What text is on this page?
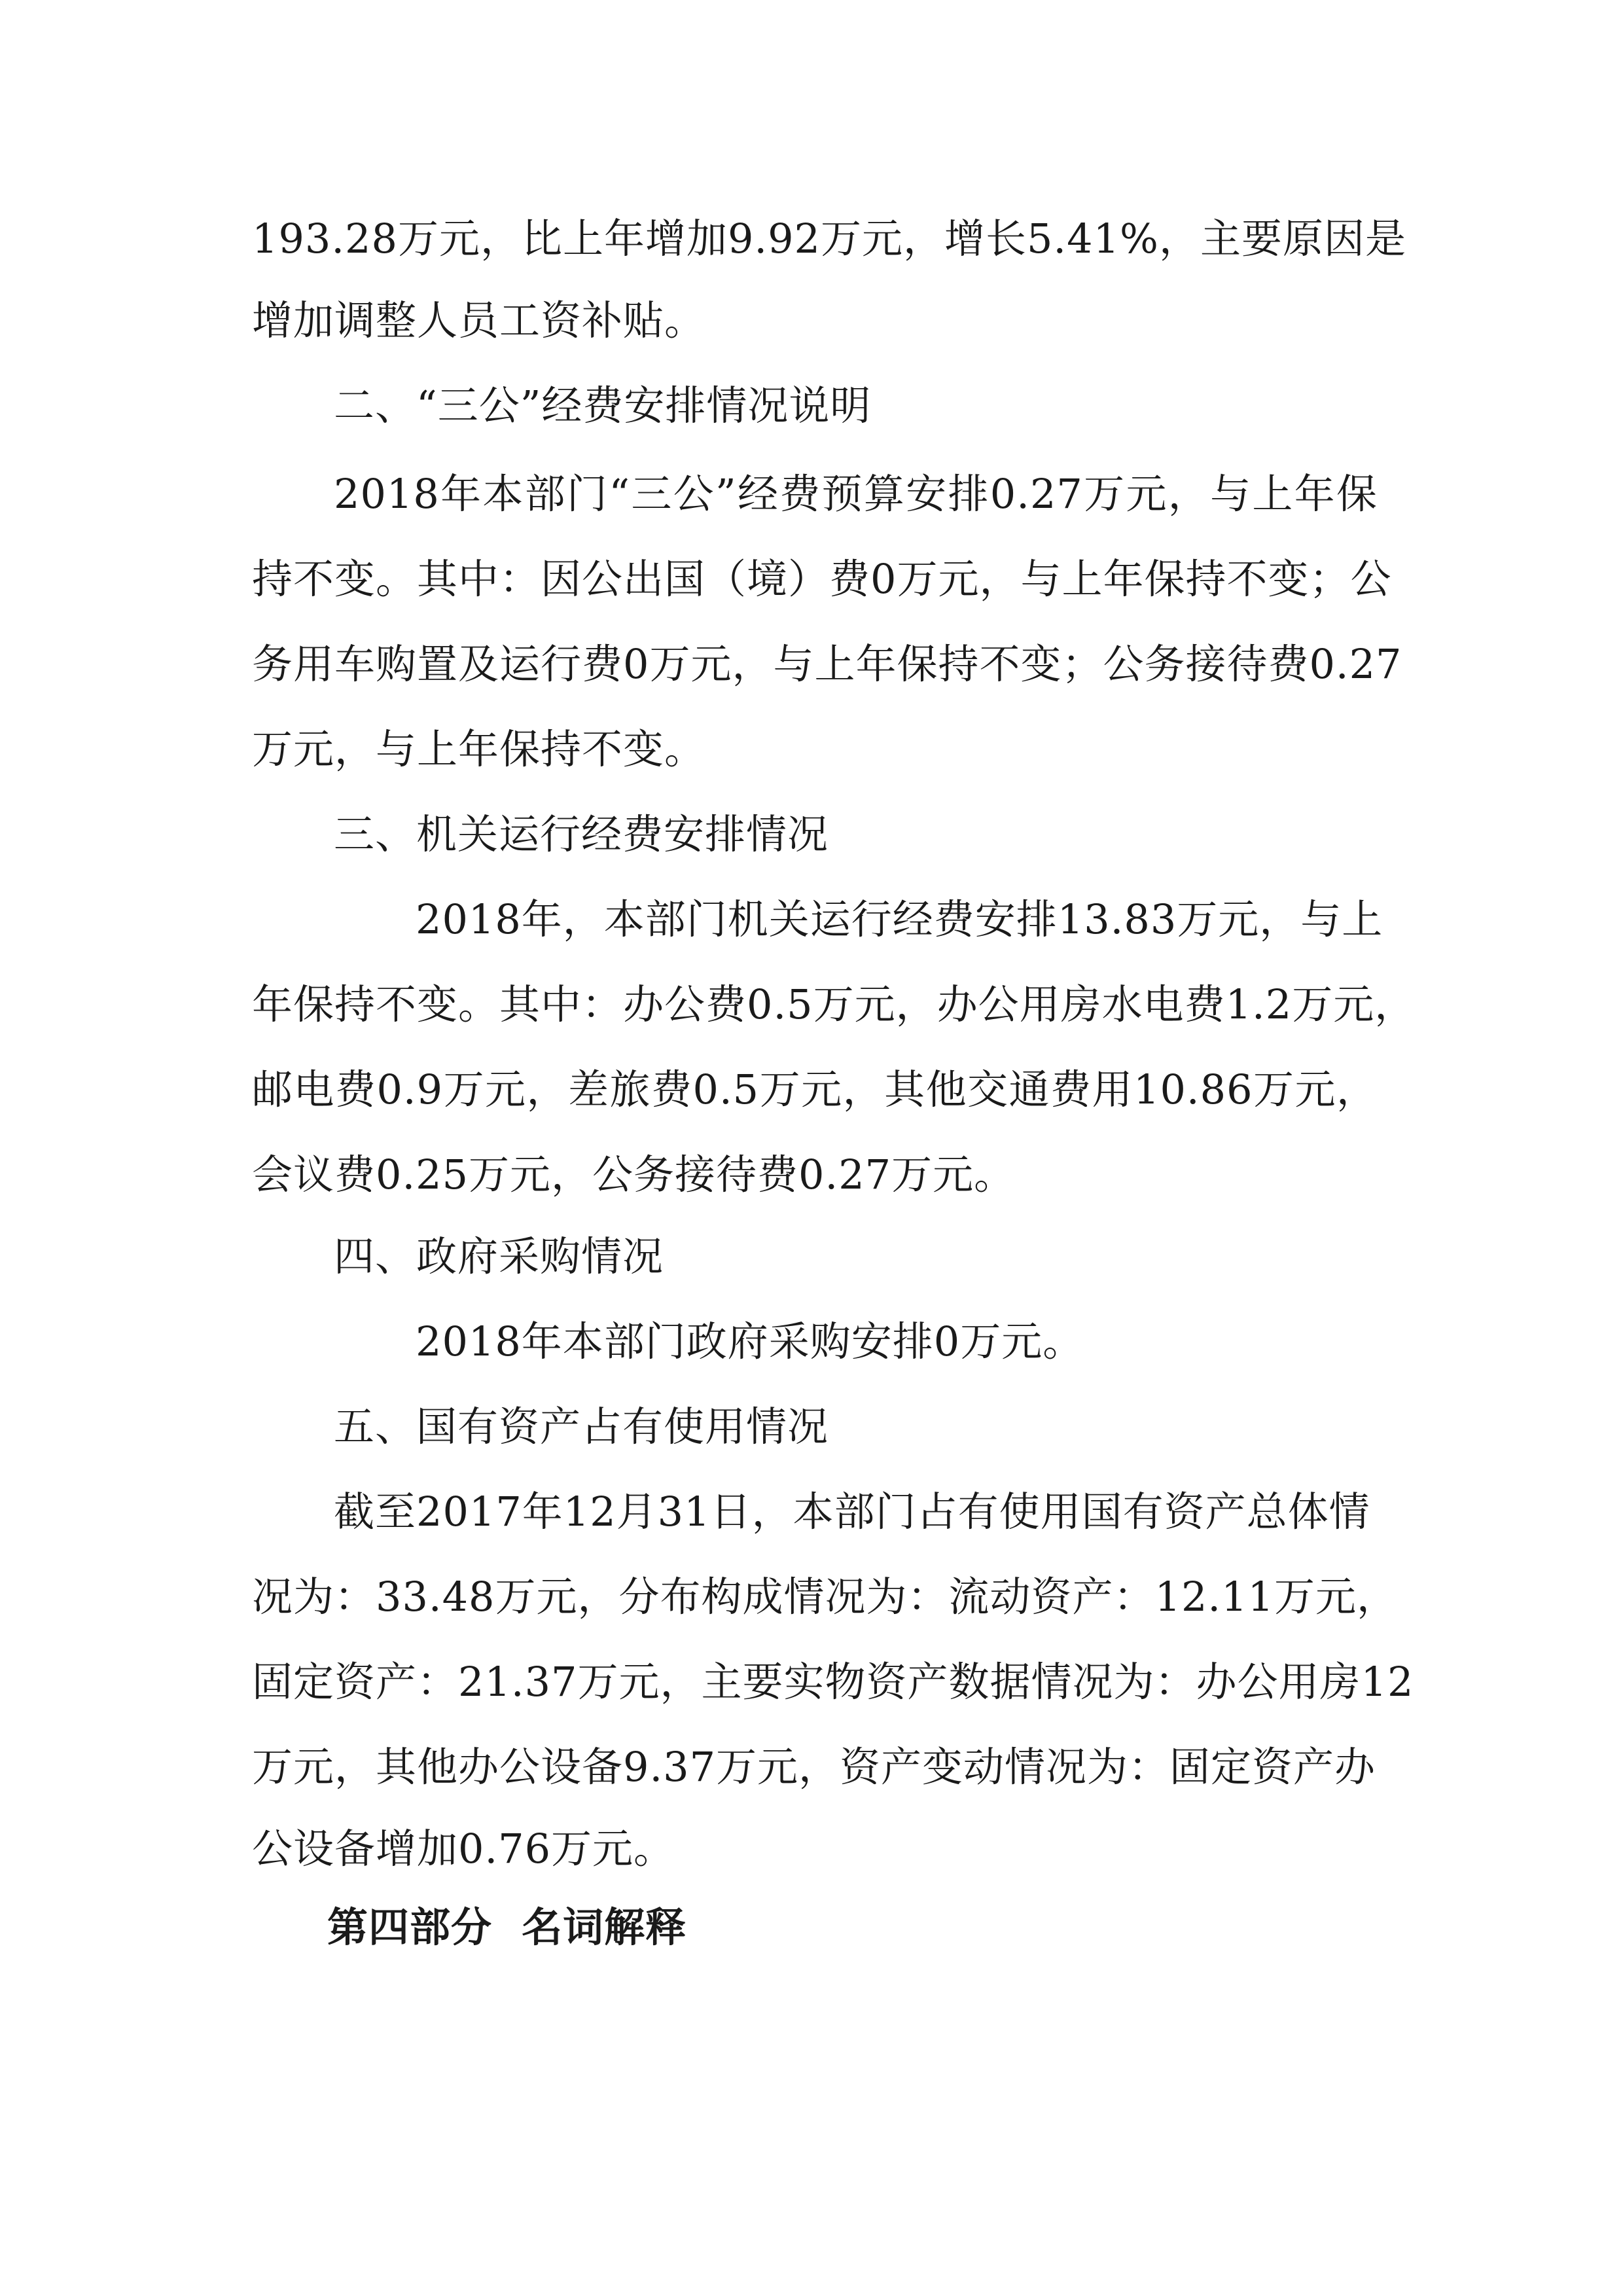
193.28万元，比上年增加9.92万元，增长5.41%，主要原因是
增加调整人员工资补贴。
二、“三公”经费安排情况说明
2018年本部门“三公”经费预算安排0.27万元，与上年保
持不变。其中：因公出国（境）费0万元，与上年保持不变；公
务用车购置及运行费0万元，与上年保持不变；公务接待费0.27
万元，与上年保持不变。
三、机关运行经费安排情况
2018年，本部门机关运行经费安排13.83万元，与上
年保持不变。其中：办公费0.5万元，办公用房水电费1.2万元，
邮电费0.9万元，差旅费0.5万元，其他交通费用10.86万元，
会议费0.25万元，公务接待费0.27万元。
四、政府采购情况
2018年本部门政府采购安排0万元。
五、国有资产占有使用情况
截至2017年12月31日，本部门占有使用国有资产总体情
况为：33.48万元，分布构成情况为：流动资产：12.11万元，
固定资产：21.37万元，主要实物资产数据情况为：办公用房12
万元，其他办公设备9.37万元，资产变动情况为：固定资产办
公设备增加0.76万元。
第四部分  名词解释
